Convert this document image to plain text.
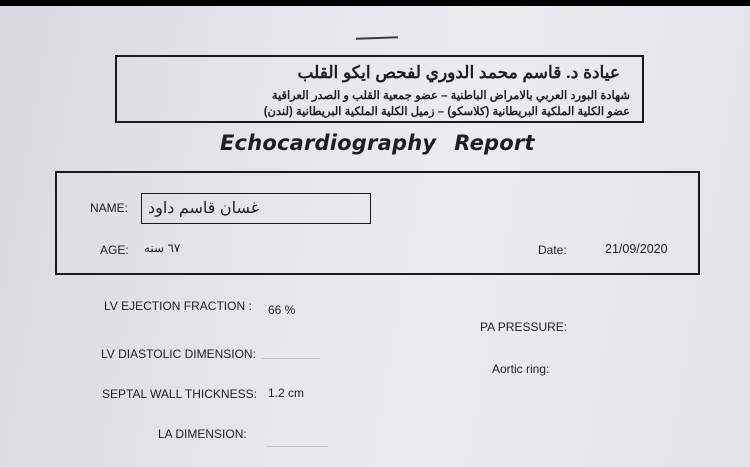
عيادة د. قاسم محمد الدوري لفحص ايكو القلب
شهادة البورد العربي بالامراض الباطنية – عضو جمعية القلب و الصدر العراقية
عضو الكلية الملكية البريطانية (كلاسكو) – زميل الكلية الملكية البريطانية (لندن)
Echocardiography Report
NAME:	غسان قاسم داود
AGE: ٦٧ سنه	Date:	21/09/2020
LV EJECTION FRACTION : 66 %
PA PRESSURE:
LV DIASTOLIC DIMENSION:
Aortic ring:
SEPTAL WALL THICKNESS: 1.2 cm
LA DIMENSION:
